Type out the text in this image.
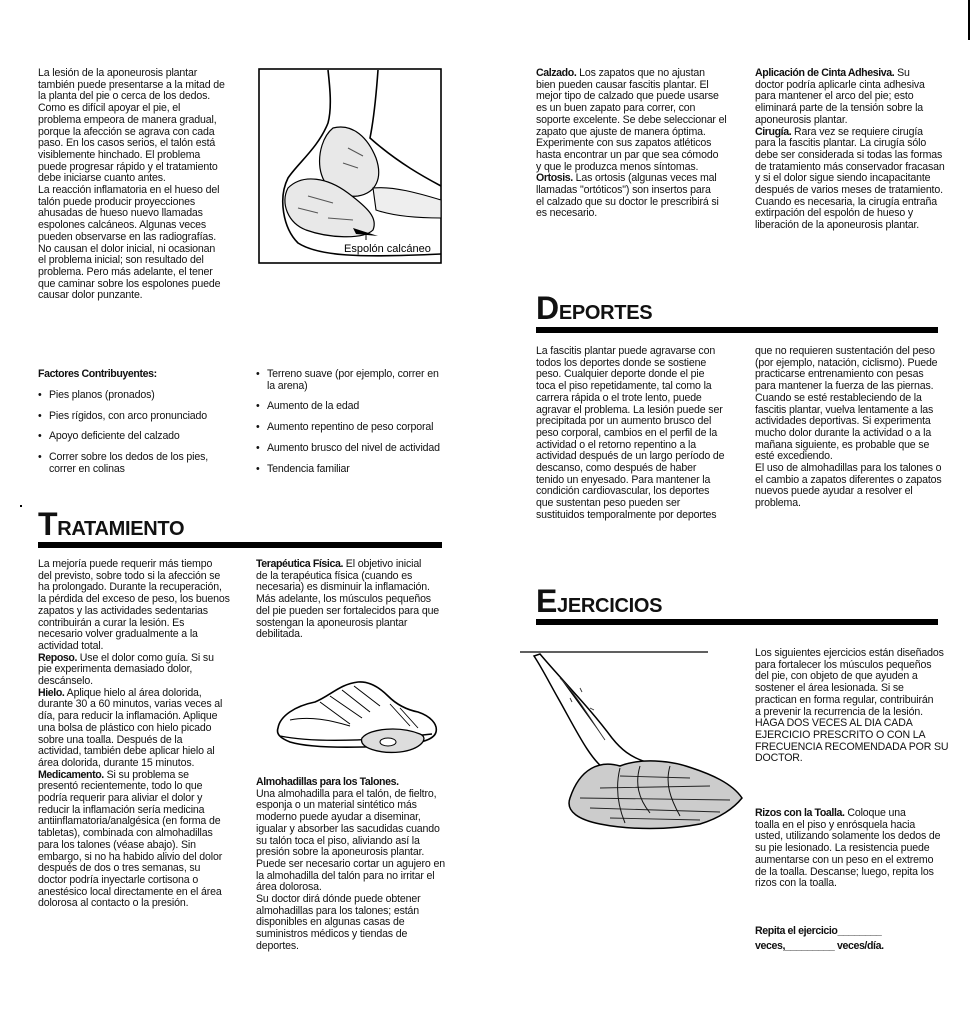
La lesión de la aponeurosis plantar
también puede presentarse a la mitad de
la planta del pie o cerca de los dedos.
Como es difícil apoyar el pie, el
problema empeora de manera gradual,
porque la afección se agrava con cada
paso. En los casos serios, el talón está
visiblemente hinchado. El problema
puede progresar rápido y el tratamiento
debe iniciarse cuanto antes.
La reacción inflamatoria en el hueso del
talón puede producir proyecciones
ahusadas de hueso nuevo llamadas
espolones calcáneos. Algunas veces
pueden observarse en las radiografías.
No causan el dolor inicial, ni ocasionan
el problema inicial; son resultado del
problema. Pero más adelante, el tener
que caminar sobre los espolones puede
causar dolor punzante.

Espolón calcáneo

Factores Contribuyentes:

• Pies planos (pronados)
• Pies rígidos, con arco pronunciado
• Apoyo deficiente del calzado
• Correr sobre los dedos de los pies,
correr en colinas
• Terreno suave (por ejemplo, correr en
la arena)
• Aumento de la edad
• Aumento repentino de peso corporal
• Aumento brusco del nivel de actividad
• Tendencia familiar
TRATAMIENTO
La mejoría puede requerir más tiempo
del previsto, sobre todo si la afección se
ha prolongado. Durante la recuperación,
la pérdida del exceso de peso, los buenos
zapatos y las actividades sedentarias
contribuirán a curar la lesión. Es
necesario volver gradualmente a la
actividad total.
Reposo. Use el dolor como guía. Si su
pie experimenta demasiado dolor,
descánselo.
Hielo. Aplique hielo al área dolorida,
durante 30 a 60 minutos, varias veces al
día, para reducir la inflamación. Aplique
una bolsa de plástico con hielo picado
sobre una toalla. Después de la
actividad, también debe aplicar hielo al
área dolorida, durante 15 minutos.
Medicamento. Si su problema se
presentó recientemente, todo lo que
podría requerir para aliviar el dolor y
reducir la inflamación sería medicina
antiinflamatoria/analgésica (en forma de
tabletas), combinada con almohadillas
para los talones (véase abajo). Sin
embargo, si no ha habido alivio del dolor
después de dos o tres semanas, su
doctor podría inyectarle cortisona o
anestésico local directamente en el área
dolorosa al contacto o la presión.
Terapéutica Física. El objetivo inicial
de la terapéutica física (cuando es
necesaria) es disminuir la inflamación.
Más adelante, los músculos pequeños
del pie pueden ser fortalecidos para que
sostengan la aponeurosis plantar
debilitada.
Almohadillas para los Talones.
Una almohadilla para el talón, de fieltro,
esponja o un material sintético más
moderno puede ayudar a diseminar,
igualar y absorber las sacudidas cuando
su talón toca el piso, aliviando así la
presión sobre la aponeurosis plantar.
Puede ser necesario cortar un agujero en
la almohadilla del talón para no irritar el
área dolorosa.
Su doctor dirá dónde puede obtener
almohadillas para los talones; están
disponibles en algunas casas de
suministros médicos y tiendas de
deportes.
Calzado. Los zapatos que no ajustan
bien pueden causar fascitis plantar. El
mejor tipo de calzado que puede usarse
es un buen zapato para correr, con
soporte excelente. Se debe seleccionar el
zapato que ajuste de manera óptima.
Experimente con sus zapatos atléticos
hasta encontrar un par que sea cómodo
y que le produzca menos síntomas.
Ortosis. Las ortosis (algunas veces mal
llamadas "ortóticos") son insertos para
el calzado que su doctor le prescribirá si
es necesario.
Aplicación de Cinta Adhesiva. Su
doctor podría aplicarle cinta adhesiva
para mantener el arco del pie; esto
eliminará parte de la tensión sobre la
aponeurosis plantar.
Cirugía. Rara vez se requiere cirugía
para la fascitis plantar. La cirugía sólo
debe ser considerada si todas las formas
de tratamiento más conservador fracasan
y si el dolor sigue siendo incapacitante
después de varios meses de tratamiento.
Cuando es necesaria, la cirugía entraña
extirpación del espolón de hueso y
liberación de la aponeurosis plantar.
DEPORTES

La fascitis plantar puede agravarse con
todos los deportes donde se sostiene
peso. Cualquier deporte donde el pie
toca el piso repetidamente, tal como la
carrera rápida o el trote lento, puede
agravar el problema. La lesión puede ser
precipitada por un aumento brusco del
peso corporal, cambios en el perfil de la
actividad o el retorno repentino a la
actividad después de un largo período de
descanso, como después de haber
tenido un enyesado. Para mantener la
condición cardiovascular, los deportes
que sustentan peso pueden ser
sustituidos temporalmente por deportes

que no requieren sustentación del peso
(por ejemplo, natación, ciclismo). Puede
practicarse entrenamiento con pesas
para mantener la fuerza de las piernas.
Cuando se esté restableciendo de la
fascitis plantar, vuelva lentamente a las
actividades deportivas. Si experimenta
mucho dolor durante la actividad o a la
mañana siguiente, es probable que se
esté excediendo.
El uso de almohadillas para los talones o
el cambio a zapatos diferentes o zapatos
nuevos puede ayudar a resolver el
problema.

EJERCICIOS

Los siguientes ejercicios están diseñados
para fortalecer los músculos pequeños
del pie, con objeto de que ayuden a
sostener el área lesionada. Si se
practican en forma regular, contribuirán
a prevenir la recurrencia de la lesión.
HAGA DOS VECES AL DIA CADA
EJERCICIO PRESCRITO O CON LA
FRECUENCIA RECOMENDADA POR SU
DOCTOR.

Rizos con la Toalla. Coloque una
toalla en el piso y enrósquela hacia
usted, utilizando solamente los dedos de
su pie lesionado. La resistencia puede
aumentarse con un peso en el extremo
de la toalla. Descanse; luego, repita los
rizos con la toalla.
Repita el ejercicio________
veces,_________ veces/día.
